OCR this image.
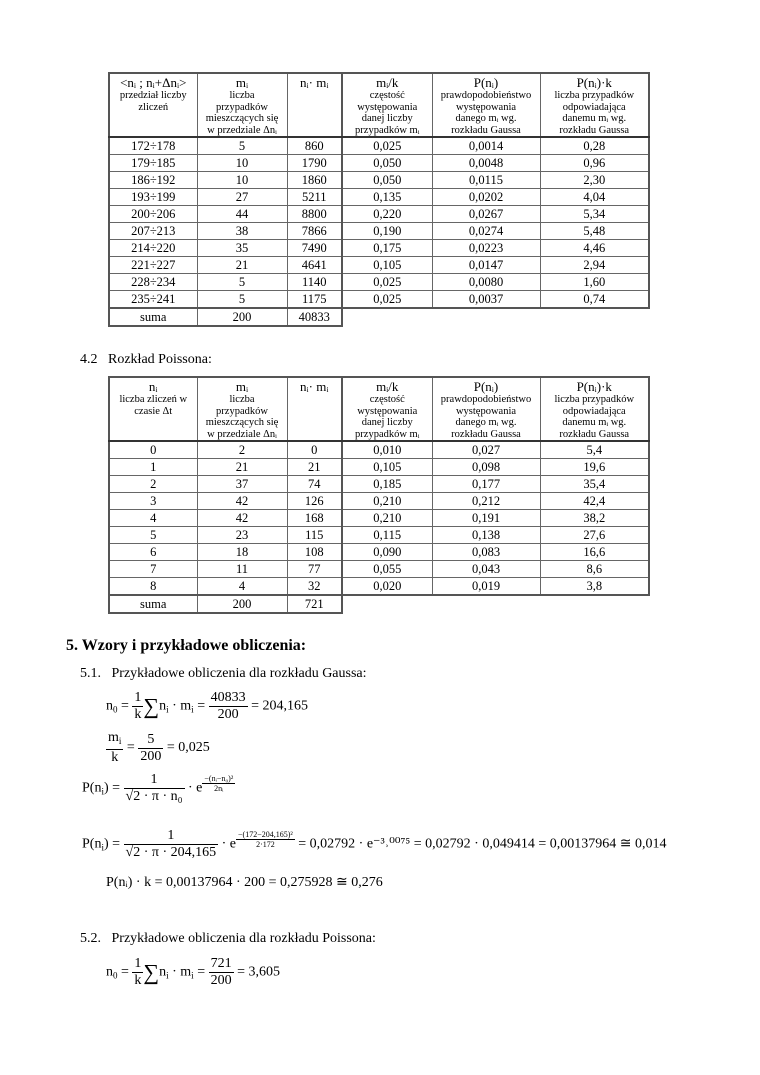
<nᵢ ; nᵢ+Δnᵢ>
przedział liczby
zliczeń	mᵢ
liczba
przypadków
mieszczących się
w przedziale Δnᵢ	nᵢ· mᵢ	mᵢ/k
częstość
występowania
danej liczby
przypadków mᵢ	P(nᵢ)
prawdopodobieństwo
występowania
danego mᵢ wg.
rozkładu Gaussa	P(nᵢ)·k
liczba przypadków
odpowiadająca
danemu mᵢ wg.
rozkładu Gaussa

172÷178	5	860	0,025	0,0014	0,28
179÷185	10	1790	0,050	0,0048	0,96
186÷192	10	1860	0,050	0,0115	2,30
193÷199	27	5211	0,135	0,0202	4,04
200÷206	44	8800	0,220	0,0267	5,34
207÷213	38	7866	0,190	0,0274	5,48
214÷220	35	7490	0,175	0,0223	4,46
221÷227	21	4641	0,105	0,0147	2,94
228÷234	5	1140	0,025	0,0080	1,60
235÷241	5	1175	0,025	0,0037	0,74
suma	200	40833			
4.2 Rozkład Poissona:
nᵢ
liczba zliczeń w
czasie Δt	mᵢ
liczba
przypadków
mieszczących się
w przedziale Δnᵢ	nᵢ· mᵢ	mᵢ/k
częstość
występowania
danej liczby
przypadków mᵢ	P(nᵢ)
prawdopodobieństwo
występowania
danego mᵢ wg.
rozkładu Gaussa	P(nᵢ)·k
liczba przypadków
odpowiadająca
danemu mᵢ wg.
rozkładu Gaussa

0	2	0	0,010	0,027	5,4
1	21	21	0,105	0,098	19,6
2	37	74	0,185	0,177	35,4
3	42	126	0,210	0,212	42,4
4	42	168	0,210	0,191	38,2
5	23	115	0,115	0,138	27,6
6	18	108	0,090	0,083	16,6
7	11	77	0,055	0,043	8,6
8	4	32	0,020	0,019	3,8
suma	200	721			
5. Wzory i przykładowe obliczenia:
5.1. Przykładowe obliczenia dla rozkładu Gaussa:
$n_0 = \frac{1}{k} \sum n_i \cdot m_i = \frac{40833}{200} = 204,165$
$\frac{m_i}{k} = \frac{5}{200} = 0,025$
$P(n_i) = \frac{1}{\text{√2 · π · n₀}} \cdot e$ $^{\frac{\text{−(nᵢ−n₀)²}}{\text{2nᵢ}}}$
$P(n_i) = \frac{1}{√2 \cdot \pi \cdot 204,165} \cdot e$ $^{\frac{\text{−(172−204,165)²}}{2\cdot 172}}$ = 0,02792 · e⁻³˒⁰⁰⁷⁵ = 0,02792 · 0,049414 = 0,00137964 ≅ 0,014
P(nᵢ) · k = 0,00137964 · 200 = 0,275928 ≅ 0,276
5.2. Przykładowe obliczenia dla rozkładu Poissona:
$n_0 = \frac{1}{k} \sum n_i \cdot m_i = \frac{721}{200} = 3,605$
